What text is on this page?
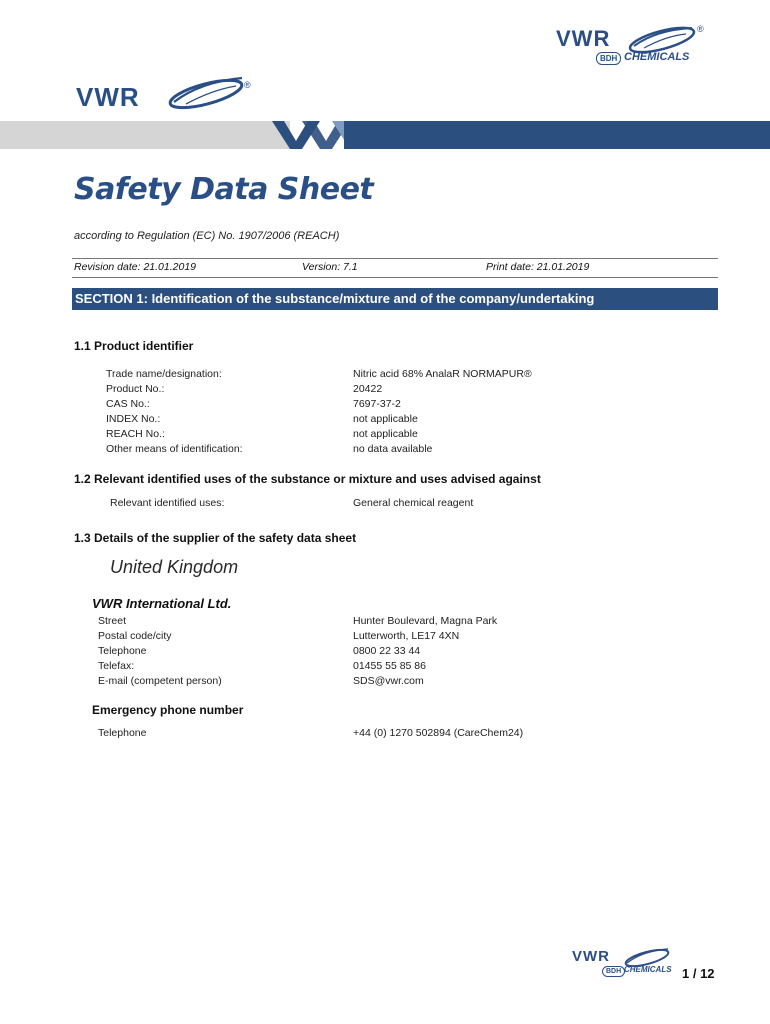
VWR	®
BDH CHEMICALS
VWR	®
Safety Data Sheet
according to Regulation (EC) No. 1907/2006 (REACH)
Revision date: 21.01.2019	Version: 7.1	Print date: 21.01.2019
SECTION 1: Identification of the substance/mixture and of the company/undertaking
1.1 Product identifier
Trade name/designation:	Nitric acid 68% AnalaR NORMAPUR®
Product No.:	20422
CAS No.:	7697-37-2
INDEX No.:	not applicable
REACH No.:	not applicable
Other means of identification:	no data available
1.2 Relevant identified uses of the substance or mixture and uses advised against
Relevant identified uses:	General chemical reagent
1.3 Details of the supplier of the safety data sheet
United Kingdom
VWR International Ltd.
Street	Hunter Boulevard, Magna Park
Postal code/city	Lutterworth, LE17 4XN
Telephone	0800 22 33 44
Telefax:	01455 55 85 86
E-mail (competent person)	SDS@vwr.com
Emergency phone number
Telephone	+44 (0) 1270 502894 (CareChem24)
VWR
BDH CHEMICALS 1 / 12
